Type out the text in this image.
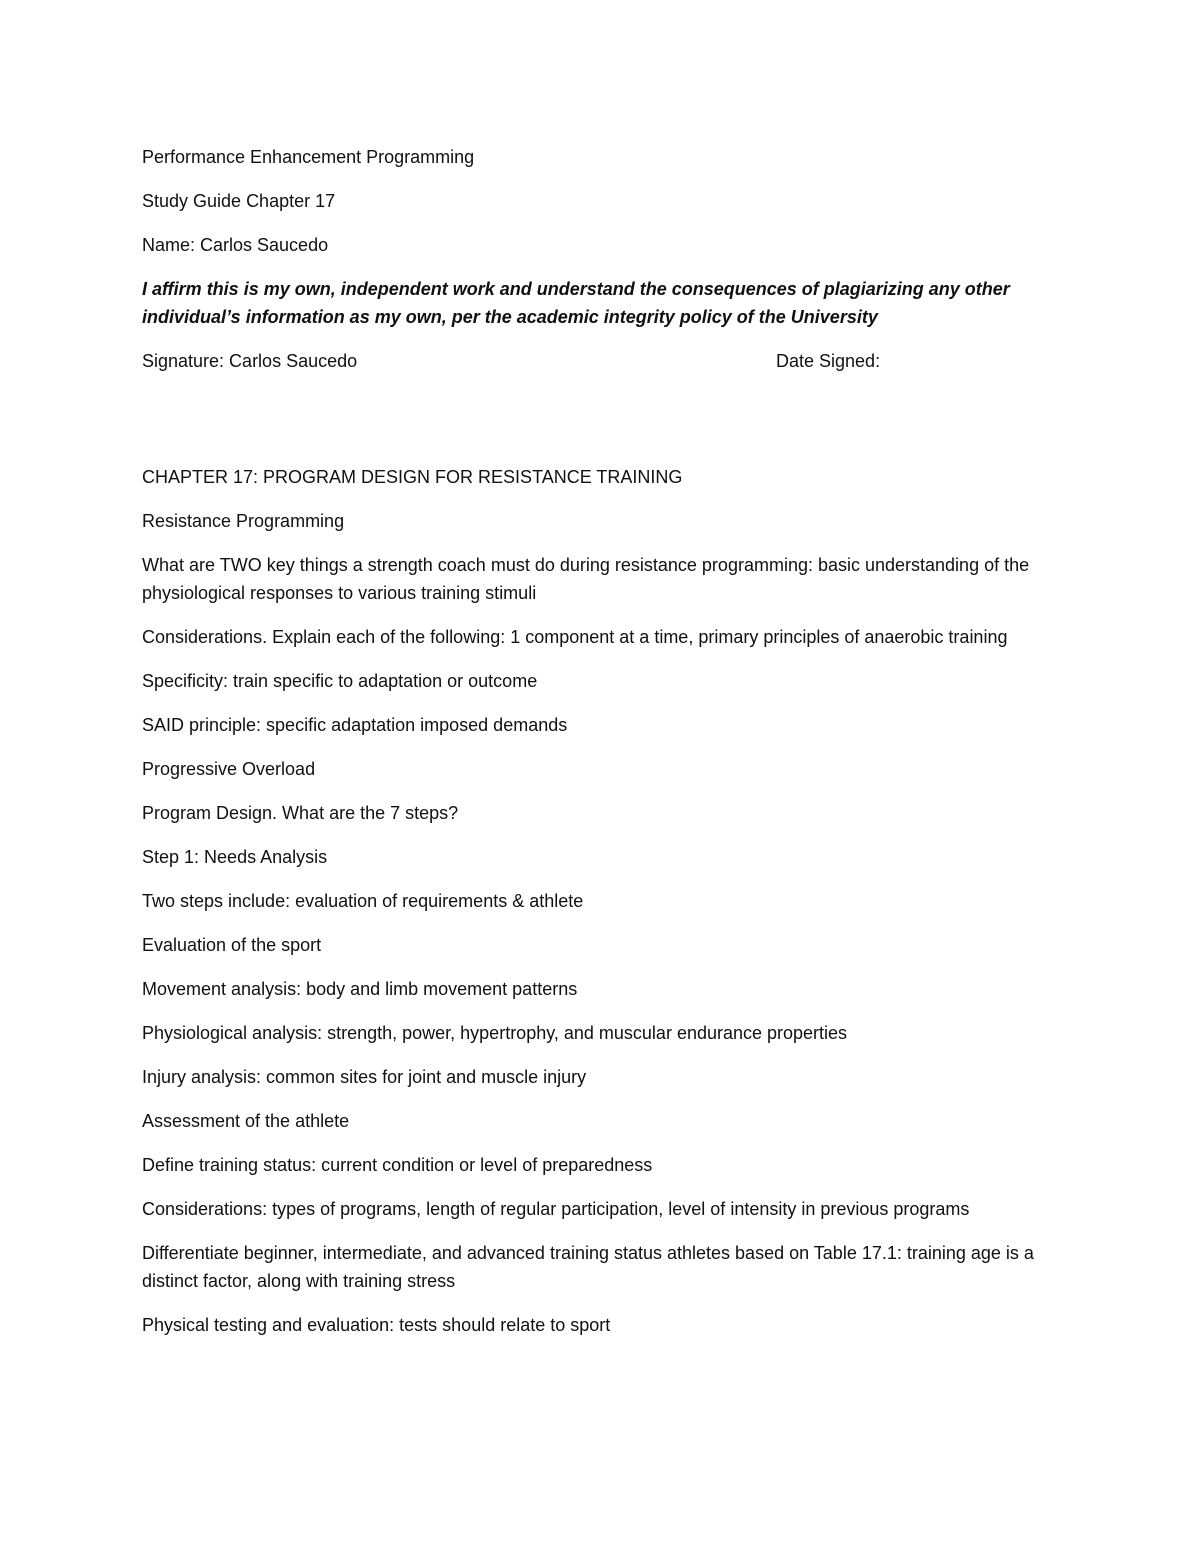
Performance Enhancement Programming

Study Guide Chapter 17

Name: Carlos Saucedo

I affirm this is my own, independent work and understand the consequences of plagiarizing any other individual’s information as my own, per the academic integrity policy of the University

Signature: Carlos Saucedo	Date Signed:

CHAPTER 17: PROGRAM DESIGN FOR RESISTANCE TRAINING

Resistance Programming

What are TWO key things a strength coach must do during resistance programming: basic understanding of the physiological responses to various training stimuli

Considerations. Explain each of the following: 1 component at a time, primary principles of anaerobic training

Specificity: train specific to adaptation or outcome

SAID principle: specific adaptation imposed demands

Progressive Overload

Program Design. What are the 7 steps?

Step 1: Needs Analysis

Two steps include: evaluation of requirements & athlete

Evaluation of the sport

Movement analysis: body and limb movement patterns

Physiological analysis: strength, power, hypertrophy, and muscular endurance properties

Injury analysis: common sites for joint and muscle injury

Assessment of the athlete

Define training status: current condition or level of preparedness

Considerations: types of programs, length of regular participation, level of intensity in previous programs

Differentiate beginner, intermediate, and advanced training status athletes based on Table 17.1: training age is a distinct factor, along with training stress

Physical testing and evaluation: tests should relate to sport
